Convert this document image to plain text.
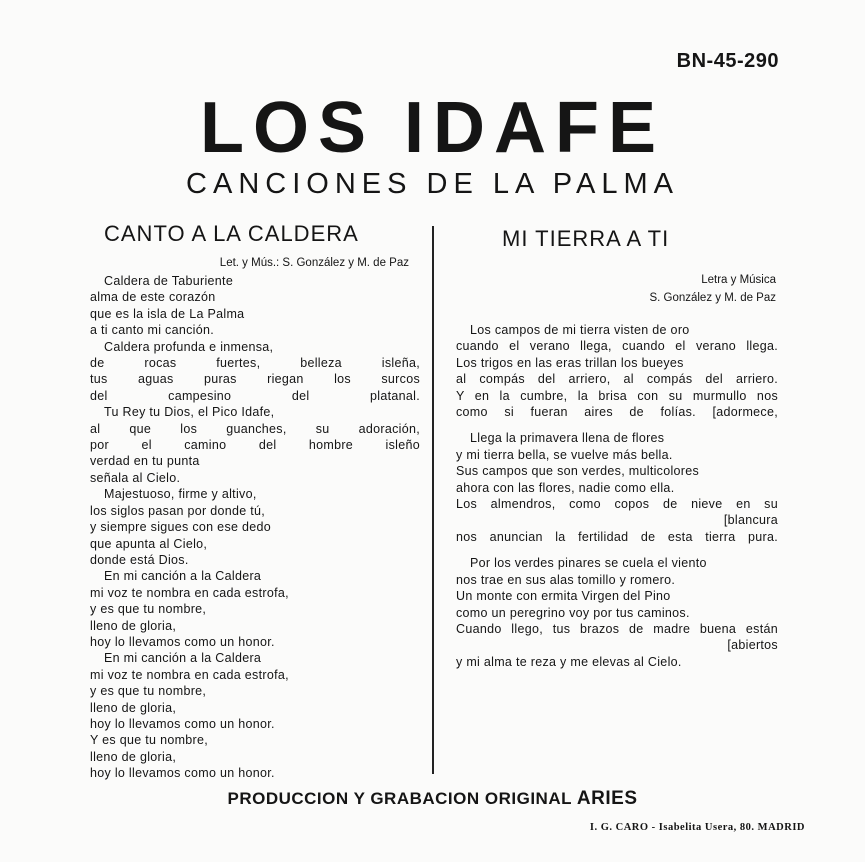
BN-45-290
LOS IDAFE
CANCIONES DE LA PALMA
CANTO A LA CALDERA
Let. y Mús.: S. González y M. de Paz
Caldera de Taburiente
alma de este corazón
que es la isla de La Palma
a ti canto mi canción.
Caldera profunda e inmensa,
de rocas fuertes, belleza isleña,
tus aguas puras riegan los surcos
del campesino del platanal.
Tu Rey tu Dios, el Pico Idafe,
al que los guanches, su adoración,
por el camino del hombre isleño
verdad en tu punta
señala al Cielo.
Majestuoso, firme y altivo,
los siglos pasan por donde tú,
y siempre sigues con ese dedo
que apunta al Cielo,
donde está Dios.
En mi canción a la Caldera
mi voz te nombra en cada estrofa,
y es que tu nombre,
lleno de gloria,
hoy lo llevamos como un honor.
En mi canción a la Caldera
mi voz te nombra en cada estrofa,
y es que tu nombre,
lleno de gloria,
hoy lo llevamos como un honor.
Y es que tu nombre,
lleno de gloria,
hoy lo llevamos como un honor.
MI TIERRA A TI
Letra y Música
S. González y M. de Paz
Los campos de mi tierra visten de oro
cuando el verano llega, cuando el verano llega.
Los trigos en las eras trillan los bueyes
al compás del arriero, al compás del arriero.
Y en la cumbre, la brisa con su murmullo nos
como si fueran aires de folías. [adormece,
Llega la primavera llena de flores
y mi tierra bella, se vuelve más bella.
Sus campos que son verdes, multicolores
ahora con las flores, nadie como ella.
Los almendros, como copos de nieve en su
[blancura
nos anuncian la fertilidad de esta tierra pura.
Por los verdes pinares se cuela el viento
nos trae en sus alas tomillo y romero.
Un monte con ermita Virgen del Pino
como un peregrino voy por tus caminos.
Cuando llego, tus brazos de madre buena están
[abiertos
y mi alma te reza y me elevas al Cielo.
PRODUCCION Y GRABACION ORIGINAL ARIES
I. G. CARO - Isabelita Usera, 80. MADRID
